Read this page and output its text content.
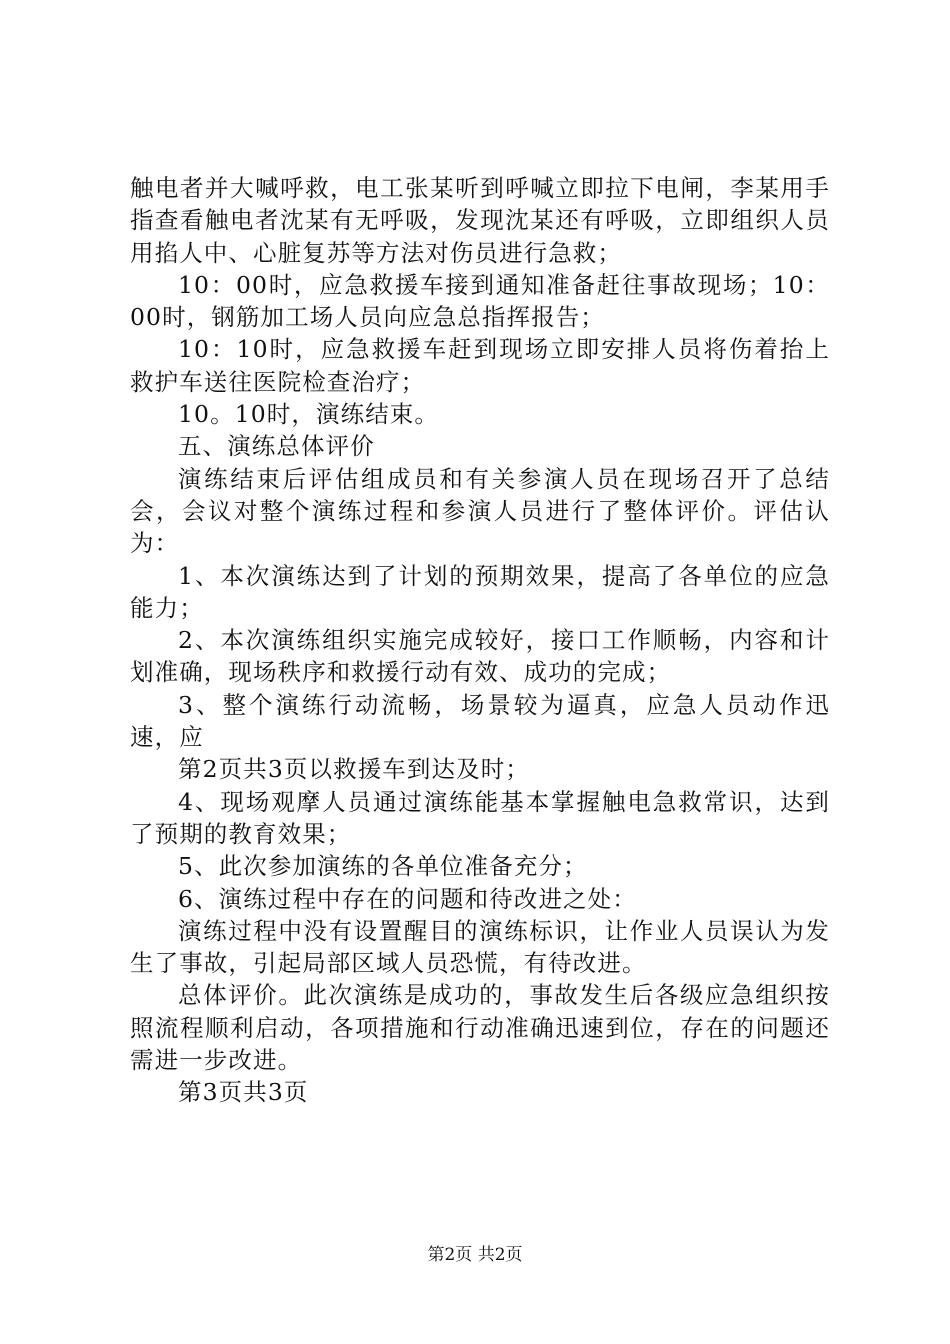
触电者并大喊呼救，电工张某听到呼喊立即拉下电闸，李某用手指查看触电者沈某有无呼吸，发现沈某还有呼吸，立即组织人员用掐人中、心脏复苏等方法对伤员进行急救；

10：00时，应急救援车接到通知准备赶往事故现场；10：00时，钢筋加工场人员向应急总指挥报告；

10：10时，应急救援车赶到现场立即安排人员将伤着抬上救护车送往医院检查治疗；

10。10时，演练结束。

五、演练总体评价

演练结束后评估组成员和有关参演人员在现场召开了总结会，会议对整个演练过程和参演人员进行了整体评价。评估认为：

1、本次演练达到了计划的预期效果，提高了各单位的应急能力；

2、本次演练组织实施完成较好，接口工作顺畅，内容和计划准确，现场秩序和救援行动有效、成功的完成；

3、整个演练行动流畅，场景较为逼真，应急人员动作迅速，应

第2页共3页以救援车到达及时；

4、现场观摩人员通过演练能基本掌握触电急救常识，达到了预期的教育效果；

5、此次参加演练的各单位准备充分；

6、演练过程中存在的问题和待改进之处：

演练过程中没有设置醒目的演练标识，让作业人员误认为发生了事故，引起局部区域人员恐慌，有待改进。

总体评价。此次演练是成功的，事故发生后各级应急组织按照流程顺利启动，各项措施和行动准确迅速到位，存在的问题还需进一步改进。

第3页共3页

第2页 共2页
